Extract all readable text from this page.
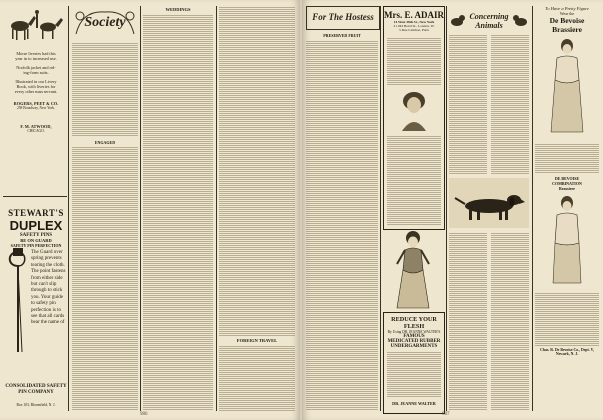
Morse liveries had this
year in to increased use.
Norfolk jacket and rid-
ing-form suits.
Illustrated in our Livery
Book, with liveries for
every other man servant.
ROGERS, PEET & CO.
258 Broadway, New York.
F. M. ATWOOD,
CHICAGO.
STEWART'S
DUPLEX
SAFETY PINS
BE ON GUARD
SAFETY PIN PERFECTION
The Guard over spring prevents tearing the cloth. The point fastens from either side but can't slip through to stick you. Your guide to safety pin perfection is to see that all cards bear the name of
CONSOLIDATED SAFETY PIN COMPANY
Box 103, Bloomfield, N. J.
Society
ENGAGED
WEDDINGS
FOREIGN TRAVEL
986
For The Hostess
PRESERVED FRUIT
Mrs. E. ADAIR
14 West 38th St., New York
21 Old Bond St., London, W.
5 Rue Cambon, Paris
REDUCE YOUR FLESH
By Using DR. JEANNE WALTER'S
FAMOUS
MEDICATED RUBBER
UNDERGARMENTS
DR. JEANNE WALTER
Concerning Animals
To Have a Pretty Figure
Wear the
De Bevoise
Brassiere
DE BEVOISE
COMBINATION
Brassiere
Chas. R. De Bevoise Co., Dept. V,
Newark, N. J.
987
